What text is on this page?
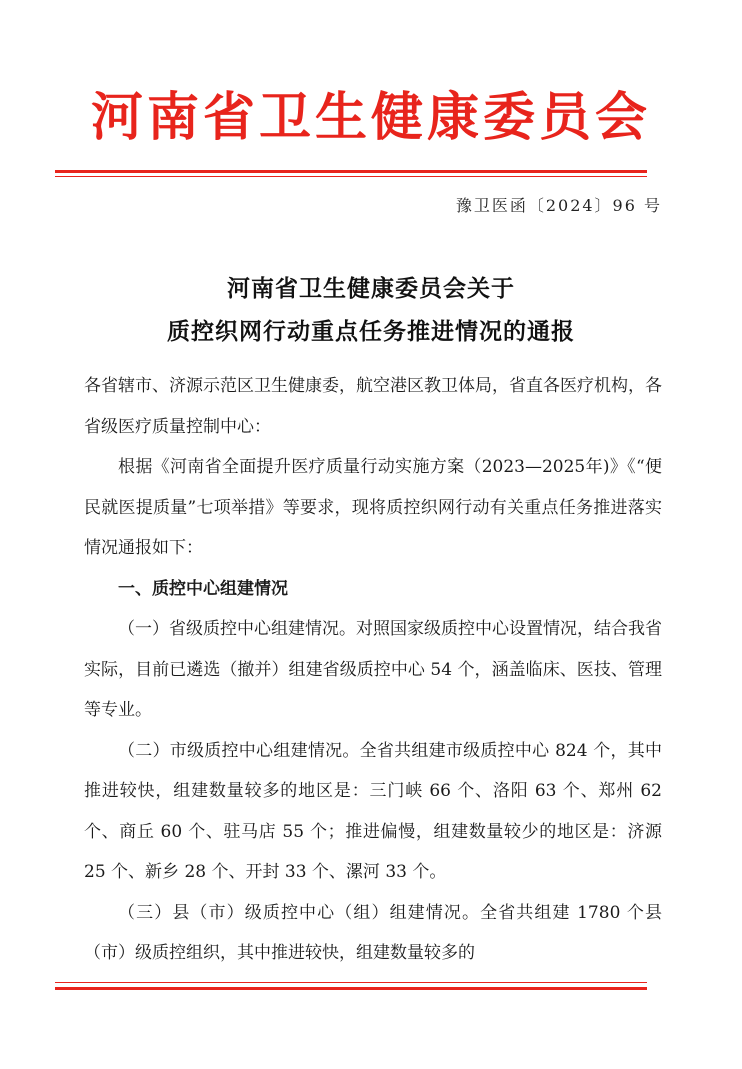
河南省卫生健康委员会
豫卫医函〔2024〕96 号
河南省卫生健康委员会关于
质控织网行动重点任务推进情况的通报

各省辖市、济源示范区卫生健康委，航空港区教卫体局，省直各医疗机构，各省级医疗质量控制中心：

根据《河南省全面提升医疗质量行动实施方案（2023—2025年)》《“便民就医提质量”七项举措》等要求，现将质控织网行动有关重点任务推进落实情况通报如下：

一、质控中心组建情况

（一）省级质控中心组建情况。对照国家级质控中心设置情况，结合我省实际，目前已遴选（撤并）组建省级质控中心 54 个，涵盖临床、医技、管理等专业。

（二）市级质控中心组建情况。全省共组建市级质控中心 824 个，其中推进较快，组建数量较多的地区是：三门峡 66 个、洛阳 63 个、郑州 62 个、商丘 60 个、驻马店 55 个；推进偏慢，组建数量较少的地区是：济源 25 个、新乡 28 个、开封 33 个、漯河 33 个。

（三）县（市）级质控中心（组）组建情况。全省共组建 1780 个县（市）级质控组织，其中推进较快，组建数量较多的
